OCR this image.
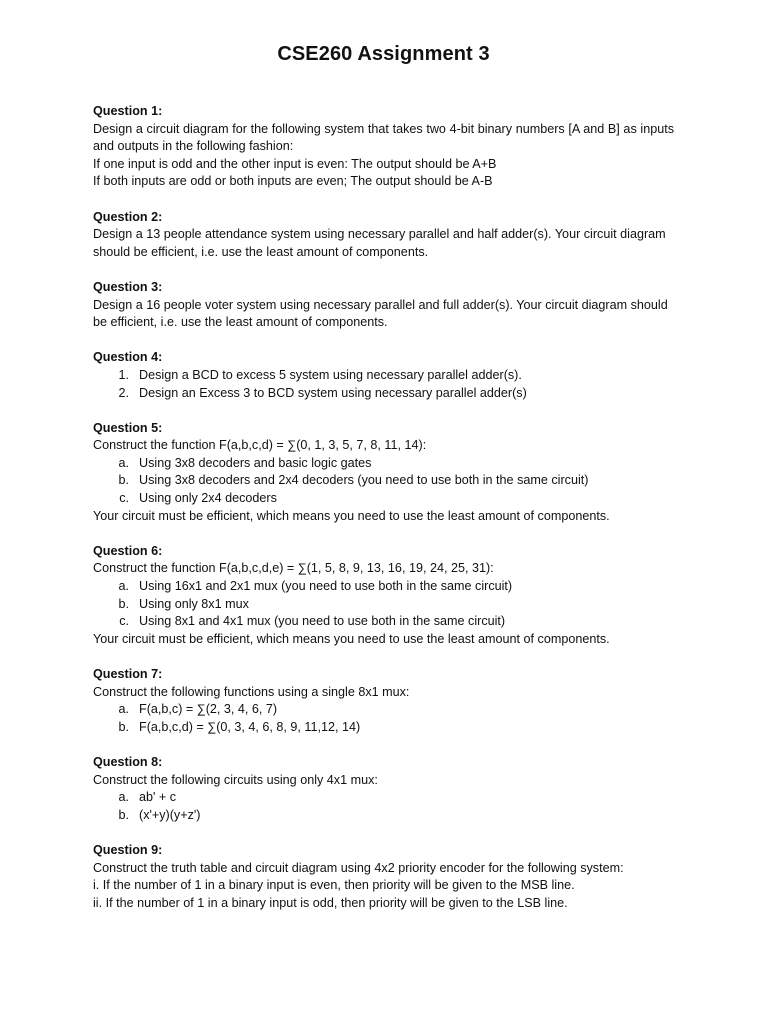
CSE260 Assignment 3
Question 1:
Design a circuit diagram for the following system that takes two 4-bit binary numbers [A and B] as inputs and outputs in the following fashion:
If one input is odd and the other input is even: The output should be A+B
If both inputs are odd or both inputs are even; The output should be A-B
Question 2:
Design a 13 people attendance system using necessary parallel and half adder(s). Your circuit diagram should be efficient, i.e. use the least amount of components.
Question 3:
Design a 16 people voter system using necessary parallel and full adder(s). Your circuit diagram should be efficient, i.e. use the least amount of components.
Question 4:
1. Design a BCD to excess 5 system using necessary parallel adder(s).
2. Design an Excess 3 to BCD system using necessary parallel adder(s)
Question 5:
Construct the function F(a,b,c,d) = ∑(0, 1, 3, 5, 7, 8, 11, 14):
a. Using 3x8 decoders and basic logic gates
b. Using 3x8 decoders and 2x4 decoders (you need to use both in the same circuit)
c. Using only 2x4 decoders
Your circuit must be efficient, which means you need to use the least amount of components.
Question 6:
Construct the function F(a,b,c,d,e) = ∑(1, 5, 8, 9, 13, 16, 19, 24, 25, 31):
a. Using 16x1 and 2x1 mux (you need to use both in the same circuit)
b. Using only 8x1 mux
c. Using 8x1 and 4x1 mux (you need to use both in the same circuit)
Your circuit must be efficient, which means you need to use the least amount of components.
Question 7:
Construct the following functions using a single 8x1 mux:
a. F(a,b,c) = ∑(2, 3, 4, 6, 7)
b. F(a,b,c,d) = ∑(0, 3, 4, 6, 8, 9, 11,12, 14)
Question 8:
Construct the following circuits using only 4x1 mux:
a. ab' + c
b. (x'+y)(y+z')
Question 9:
Construct the truth table and circuit diagram using 4x2 priority encoder for the following system:
i. If the number of 1 in a binary input is even, then priority will be given to the MSB line.
ii. If the number of 1 in a binary input is odd, then priority will be given to the LSB line.
